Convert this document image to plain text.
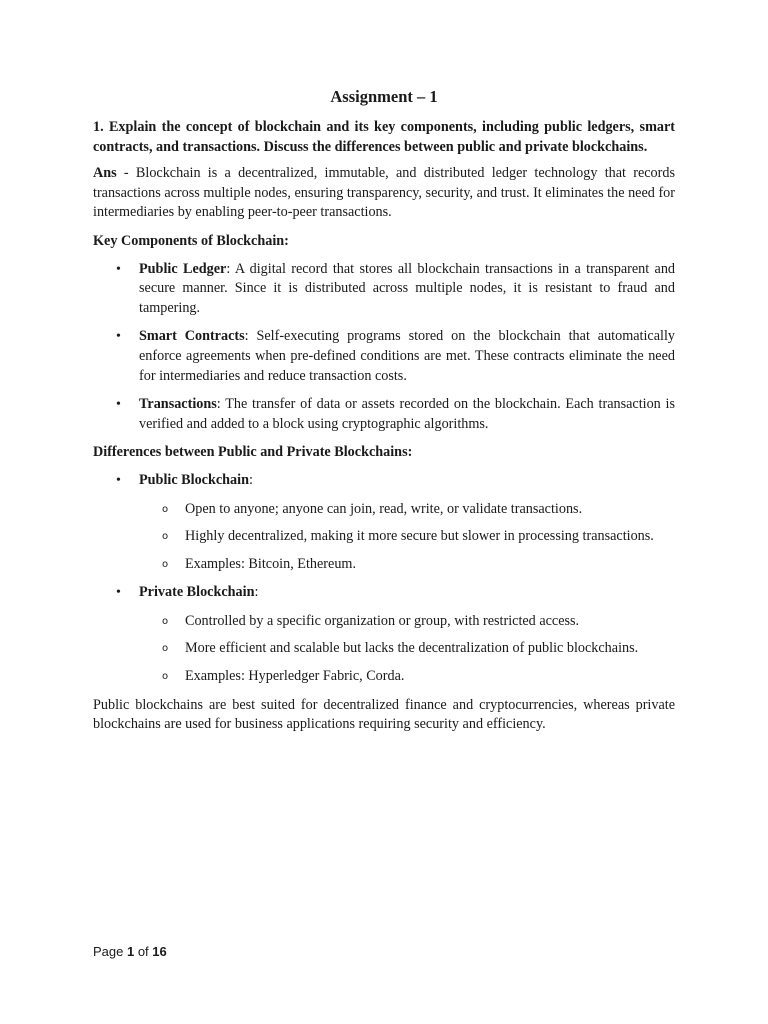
Assignment – 1
1. Explain the concept of blockchain and its key components, including public ledgers, smart contracts, and transactions. Discuss the differences between public and private blockchains.
Ans - Blockchain is a decentralized, immutable, and distributed ledger technology that records transactions across multiple nodes, ensuring transparency, security, and trust. It eliminates the need for intermediaries by enabling peer-to-peer transactions.
Key Components of Blockchain:
• Public Ledger: A digital record that stores all blockchain transactions in a transparent and secure manner. Since it is distributed across multiple nodes, it is resistant to fraud and tampering.
• Smart Contracts: Self-executing programs stored on the blockchain that automatically enforce agreements when pre-defined conditions are met. These contracts eliminate the need for intermediaries and reduce transaction costs.
• Transactions: The transfer of data or assets recorded on the blockchain. Each transaction is verified and added to a block using cryptographic algorithms.
Differences between Public and Private Blockchains:
• Public Blockchain:
o Open to anyone; anyone can join, read, write, or validate transactions.
o Highly decentralized, making it more secure but slower in processing transactions.
o Examples: Bitcoin, Ethereum.
• Private Blockchain:
o Controlled by a specific organization or group, with restricted access.
o More efficient and scalable but lacks the decentralization of public blockchains.
o Examples: Hyperledger Fabric, Corda.
Public blockchains are best suited for decentralized finance and cryptocurrencies, whereas private blockchains are used for business applications requiring security and efficiency.
Page 1 of 16
